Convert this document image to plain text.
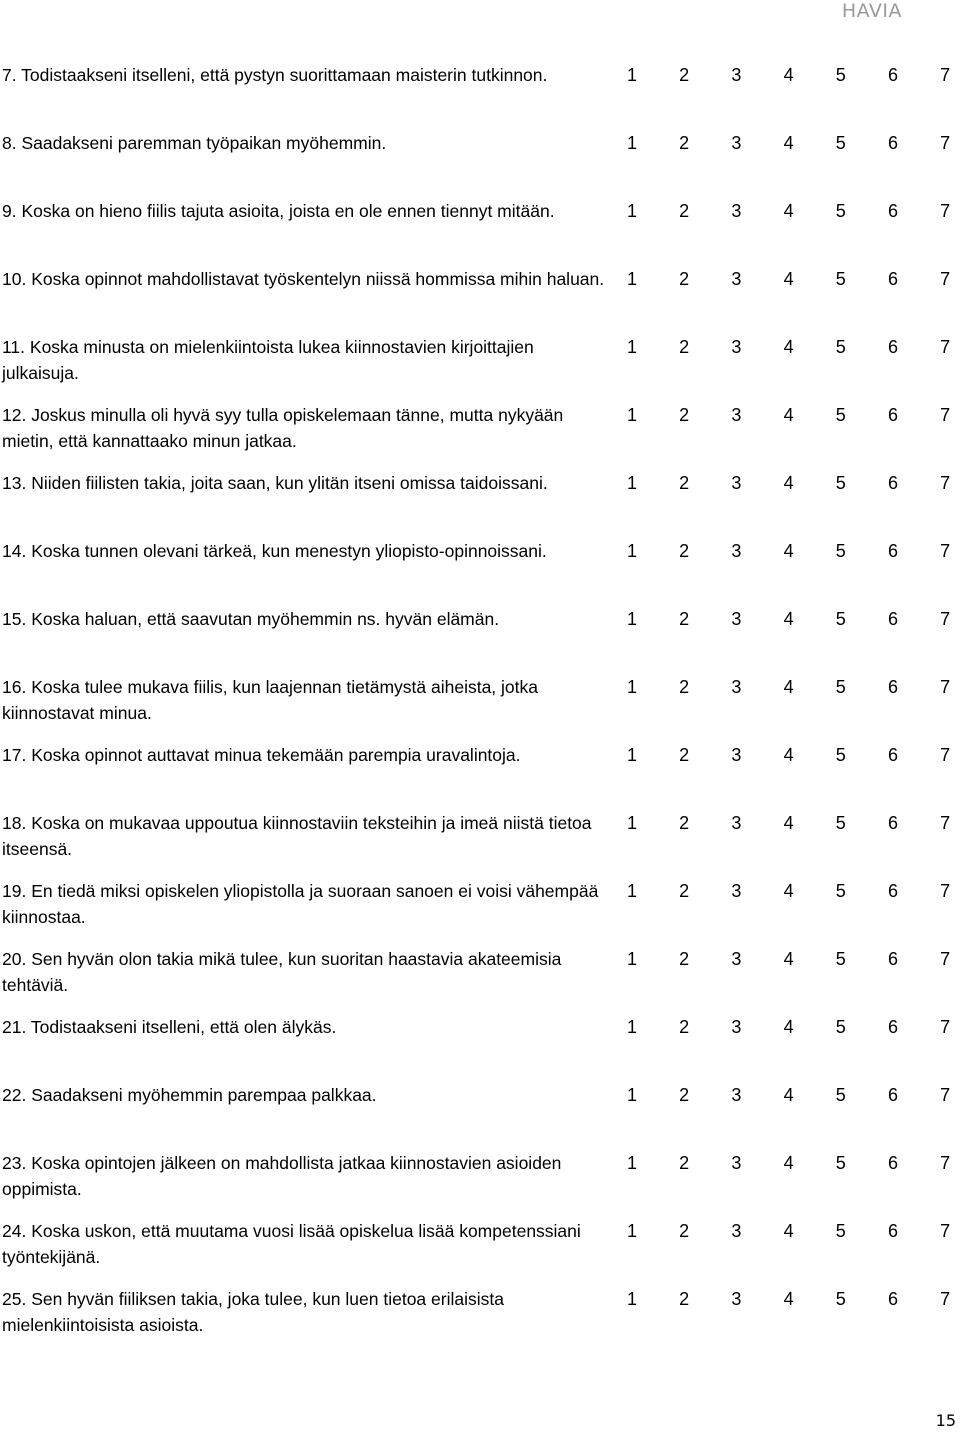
HAVIA
7. Todistaakseni itselleni, että pystyn suorittamaan maisterin tutkinnon.	1 2 3 4 5 6 7
8. Saadakseni paremman työpaikan myöhemmin.	1 2 3 4 5 6 7
9. Koska on hieno fiilis tajuta asioita, joista en ole ennen tiennyt mitään.	1 2 3 4 5 6 7
10. Koska opinnot mahdollistavat työskentelyn niissä hommissa mihin haluan. 1 2 3 4 5 6 7
11. Koska minusta on mielenkiintoista lukea kiinnostavien kirjoittajien julkaisuja.
1 2 3 4 5 6 7
12. Joskus minulla oli hyvä syy tulla opiskelemaan tänne, mutta nykyään mietin, että kannattaako minun jatkaa.
1 2 3 4 5 6 7
13. Niiden fiilisten takia, joita saan, kun ylitän itseni omissa taidoissani.	1 2 3 4 5 6 7
14. Koska tunnen olevani tärkeä, kun menestyn yliopisto-opinnoissani.	1 2 3 4 5 6 7
15. Koska haluan, että saavutan myöhemmin ns. hyvän elämän.	1 2 3 4 5 6 7
16. Koska tulee mukava fiilis, kun laajennan tietämystä aiheista, jotka kiinnostavat minua.
1 2 3 4 5 6 7
17. Koska opinnot auttavat minua tekemään parempia uravalintoja.	1 2 3 4 5 6 7
18. Koska on mukavaa uppoutua kiinnostaviin teksteihin ja imeä niistä tietoa itseensä.
1 2 3 4 5 6 7
19. En tiedä miksi opiskelen yliopistolla ja suoraan sanoen ei voisi vähempää kiinnostaa.
1 2 3 4 5 6 7
20. Sen hyvän olon takia mikä tulee, kun suoritan haastavia akateemisia tehtäviä.
1 2 3 4 5 6 7
21. Todistaakseni itselleni, että olen älykäs.	1 2 3 4 5 6 7
22. Saadakseni myöhemmin parempaa palkkaa.	1 2 3 4 5 6 7
23. Koska opintojen jälkeen on mahdollista jatkaa kiinnostavien asioiden oppimista.
1 2 3 4 5 6 7
24. Koska uskon, että muutama vuosi lisää opiskelua lisää kompetenssiani työntekijänä.
1 2 3 4 5 6 7
25. Sen hyvän fiiliksen takia, joka tulee, kun luen tietoa erilaisista mielenkiintoisista asioista.
1 2 3 4 5 6 7
15
